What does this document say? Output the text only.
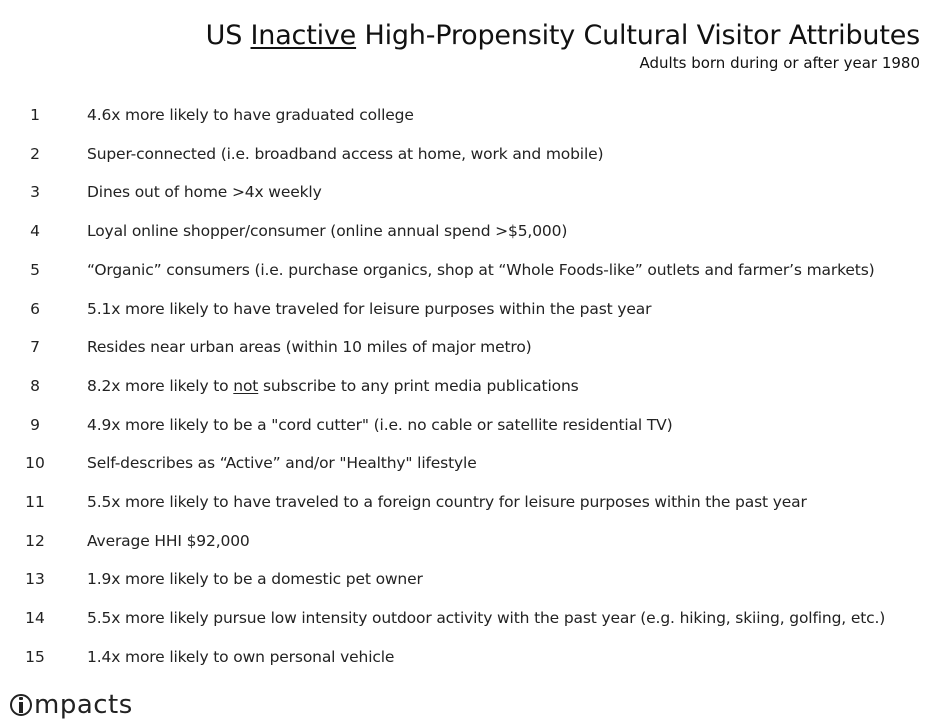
US Inactive High-Propensity Cultural Visitor Attributes
Adults born during or after year 1980
1	4.6x more likely to have graduated college
2	Super-connected (i.e. broadband access at home, work and mobile)
3	Dines out of home >4x weekly
4	Loyal online shopper/consumer (online annual spend >$5,000)
5	“Organic” consumers (i.e. purchase organics, shop at “Whole Foods-like” outlets and farmer’s markets)
6	5.1x more likely to have traveled for leisure purposes within the past year
7	Resides near urban areas (within 10 miles of major metro)
8	8.2x more likely to not subscribe to any print media publications
9	4.9x more likely to be a "cord cutter" (i.e. no cable or satellite residential TV)
10	Self-describes as “Active” and/or "Healthy" lifestyle
11	5.5x more likely to have traveled to a foreign country for leisure purposes within the past year
12	Average HHI $92,000
13	1.9x more likely to be a domestic pet owner
14	5.5x more likely pursue low intensity outdoor activity with the past year (e.g. hiking, skiing, golfing, etc.)
15	1.4x more likely to own personal vehicle
mpacts
